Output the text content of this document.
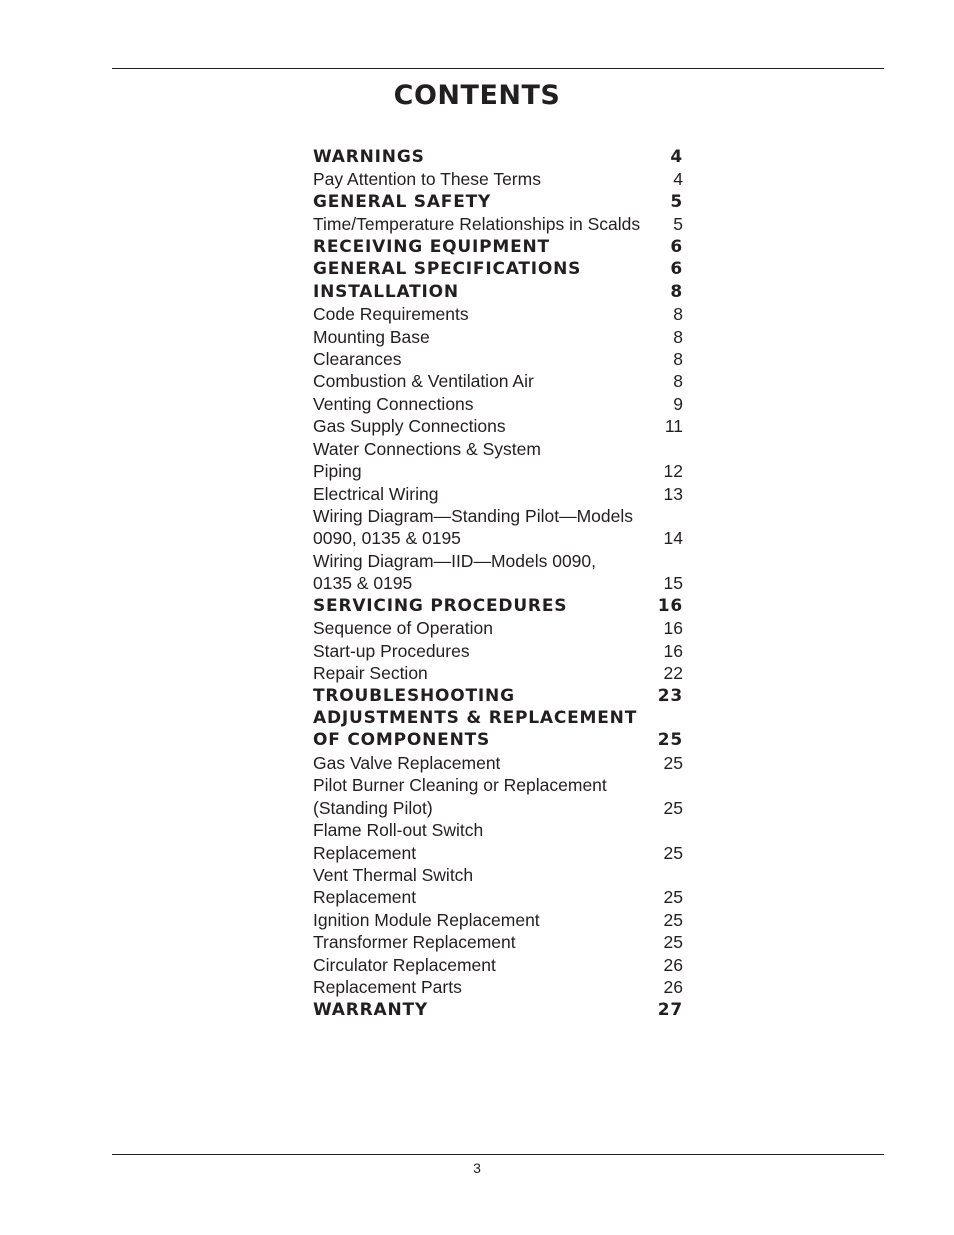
CONTENTS
WARNINGS	4
Pay Attention to These Terms	4
GENERAL SAFETY	5
Time/Temperature Relationships in Scalds 5
RECEIVING EQUIPMENT	6
GENERAL SPECIFICATIONS	6
INSTALLATION	8
Code Requirements	8
Mounting Base	8
Clearances	8
Combustion & Ventilation Air	8
Venting Connections	9
Gas Supply Connections	11
Water Connections & System
Piping	12
Electrical Wiring	13
Wiring Diagram—Standing Pilot—Models
0090, 0135 & 0195	14
Wiring Diagram—IID—Models 0090,
0135 & 0195	15
SERVICING PROCEDURES	16
Sequence of Operation	16
Start-up Procedures	16
Repair Section	22
TROUBLESHOOTING	23
ADJUSTMENTS & REPLACEMENT
OF COMPONENTS	25
Gas Valve Replacement	25
Pilot Burner Cleaning or Replacement
(Standing Pilot)	25
Flame Roll-out Switch
Replacement	25
Vent Thermal Switch
Replacement	25
Ignition Module Replacement	25
Transformer Replacement	25
Circulator Replacement	26
Replacement Parts	26
WARRANTY	27
3
